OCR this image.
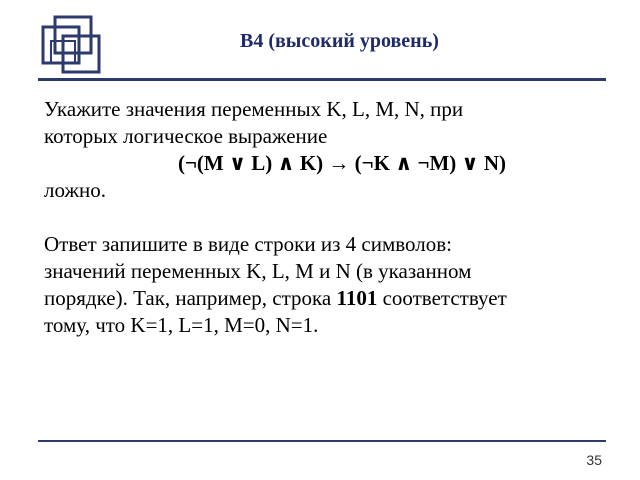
В4 (высокий уровень)
Укажите значения переменных K, L, M, N, при
которых логическое выражение
(¬(M ∨ L) ∧ K) → (¬K ∧ ¬M) ∨ N)
ложно.
Ответ запишите в виде строки из 4 символов:
значений переменных K, L, M и N (в указанном
порядке). Так, например, строка 1101 соответствует
тому, что K=1, L=1, M=0, N=1.
35
